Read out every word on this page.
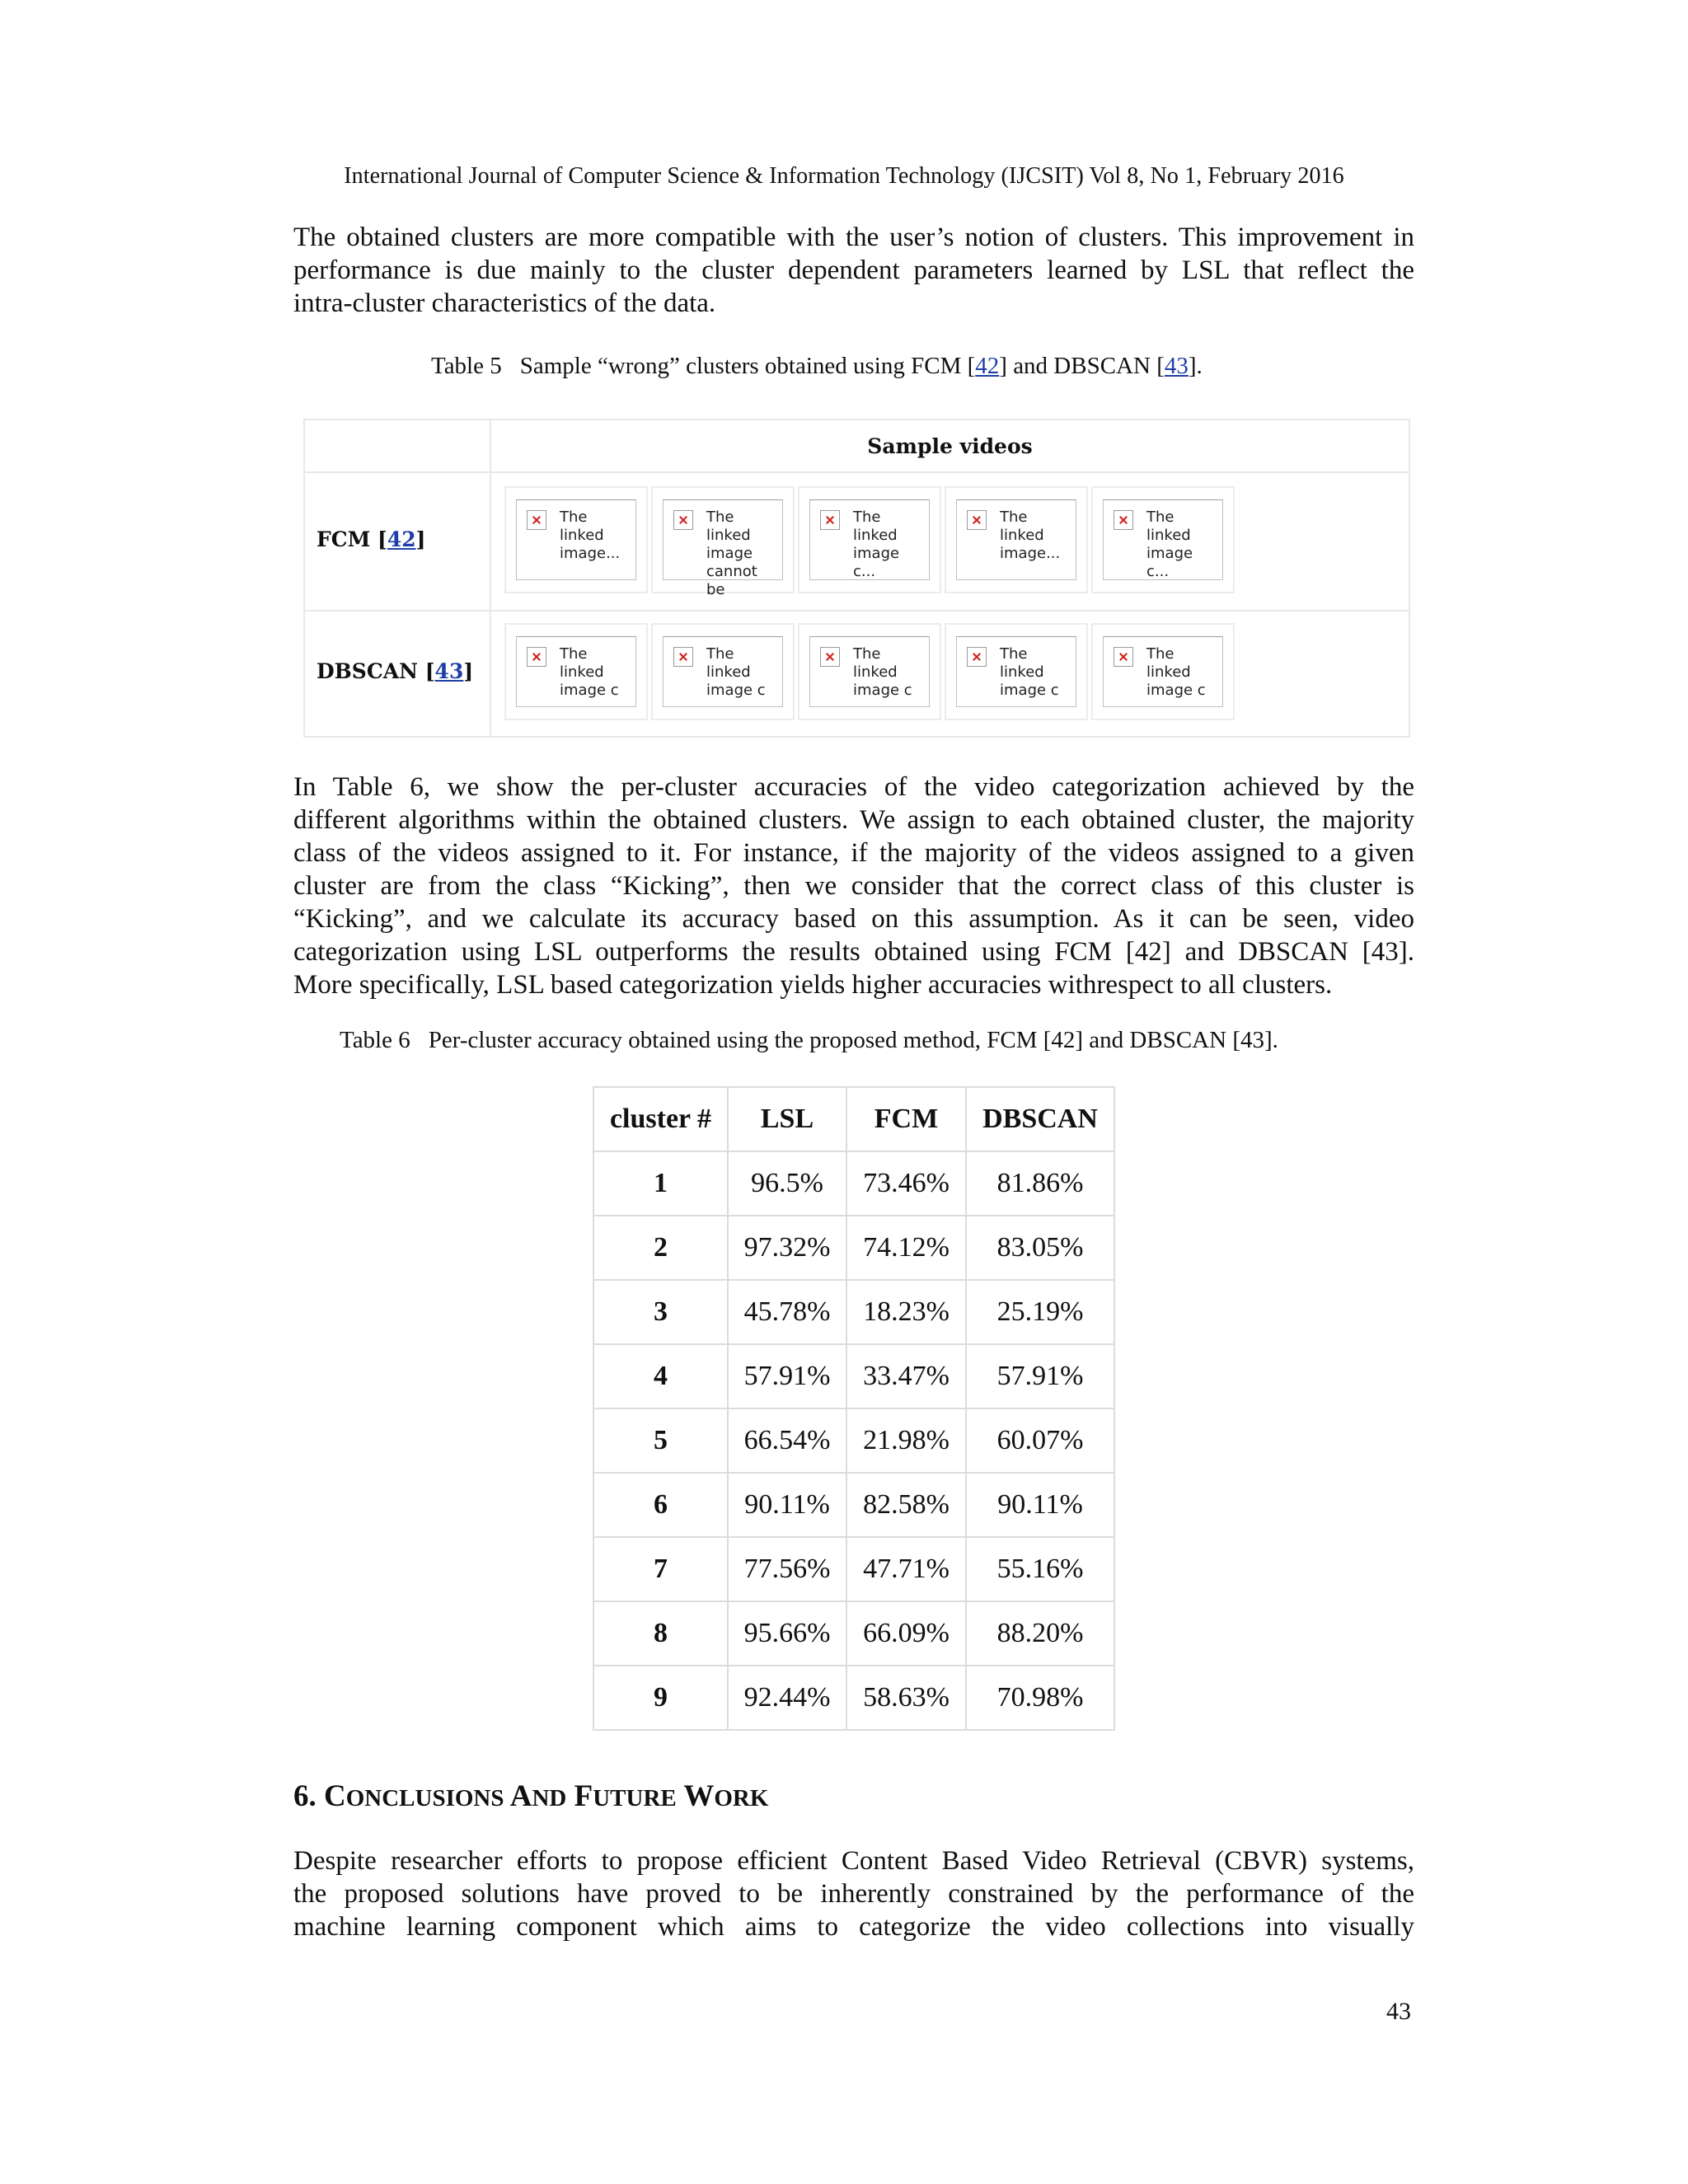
International Journal of Computer Science & Information Technology (IJCSIT) Vol 8, No 1, February 2016

The obtained clusters are more compatible with the user’s notion of clusters. This improvement in
performance is due mainly to the cluster dependent parameters learned by LSL that reflect the
intra-cluster characteristics of the data.

Table 5 Sample “wrong” clusters obtained using FCM [42] and DBSCAN [43].
Sample videos
FCM [42]
The linked image...
The linked image cannot be
The linked image c...
The linked image...
The linked image c...
DBSCAN [43]
The linked image c
The linked image c
The linked image c
The linked image c
The linked image c

In Table 6, we show the per-cluster accuracies of the video categorization achieved by the
different algorithms within the obtained clusters. We assign to each obtained cluster, the majority
class of the videos assigned to it. For instance, if the majority of the videos assigned to a given
cluster are from the class “Kicking”, then we consider that the correct class of this cluster is
“Kicking”, and we calculate its accuracy based on this assumption. As it can be seen, video
categorization using LSL outperforms the results obtained using FCM [42] and DBSCAN [43].
More specifically, LSL based categorization yields higher accuracies withrespect to all clusters.

Table 6 Per-cluster accuracy obtained using the proposed method, FCM [42] and DBSCAN [43].
cluster #	LSL	FCM	DBSCAN
1	96.5%	73.46%	81.86%
2	97.32%	74.12%	83.05%
3	45.78%	18.23%	25.19%
4	57.91%	33.47%	57.91%
5	66.54%	21.98%	60.07%
6	90.11%	82.58%	90.11%
7	77.56%	47.71%	55.16%
8	95.66%	66.09%	88.20%
9	92.44%	58.63%	70.98%
6. CONCLUSIONS AND FUTURE WORK

Despite researcher efforts to propose efficient Content Based Video Retrieval (CBVR) systems,
the proposed solutions have proved to be inherently constrained by the performance of the
machine learning component which aims to categorize the video collections into visually

43
